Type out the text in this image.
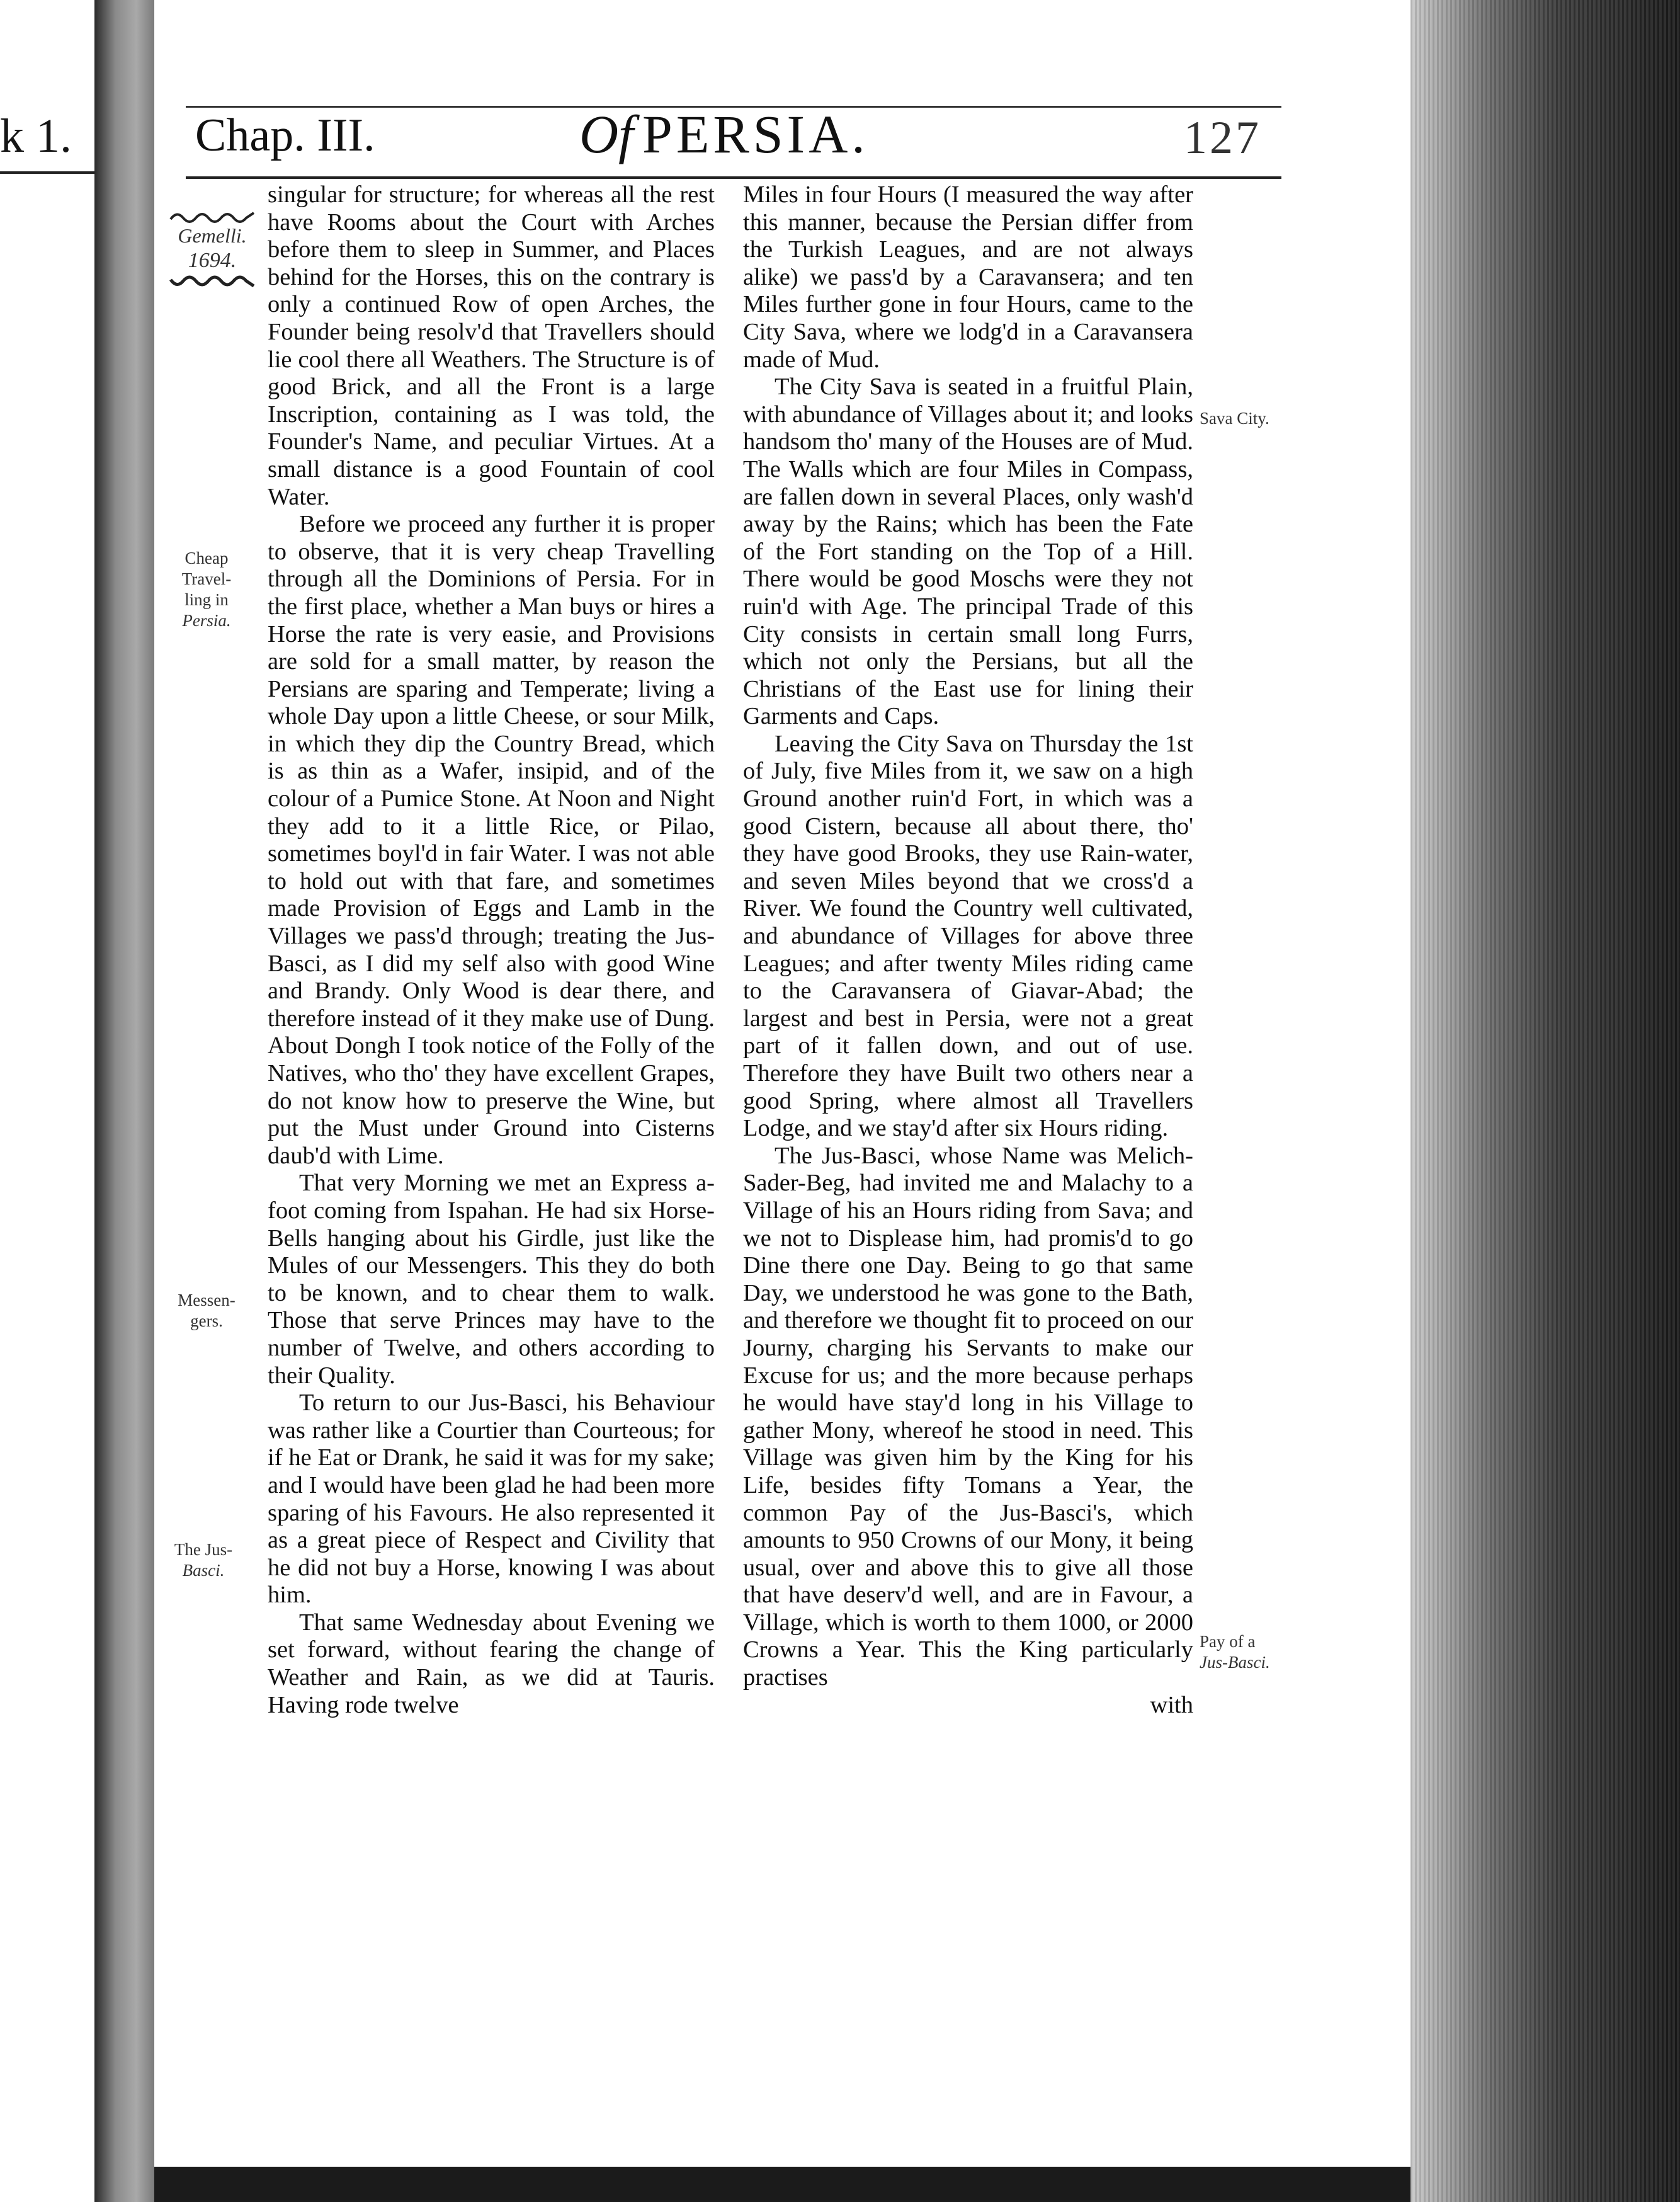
k 1.	Chap. III.	Of PERSIA.	127
Gemelli.
1694.
Cheap
Travel-
ling in
Persia.
Messen-
gers.
The Jus-
Basci.
Sava City.
Pay of a
Jus-Basci.

singular for structure; for whereas all the rest have Rooms about the Court with Arches before them to sleep in Summer, and Places behind for the Horses, this on the contrary is only a continued Row of open Arches, the Founder being resolv'd that Travellers should lie cool there all Weathers. The Structure is of good Brick, and all the Front is a large Inscription, containing as I was told, the Founder's Name, and peculiar Virtues. At a small distance is a good Fountain of cool Water.

Before we proceed any further it is proper to observe, that it is very cheap Travelling through all the Dominions of Persia. For in the first place, whether a Man buys or hires a Horse the rate is very easie, and Provisions are sold for a small matter, by reason the Persians are sparing and Temperate; living a whole Day upon a little Cheese, or sour Milk, in which they dip the Country Bread, which is as thin as a Wafer, insipid, and of the colour of a Pumice Stone. At Noon and Night they add to it a little Rice, or Pilao, sometimes boyl'd in fair Water. I was not able to hold out with that fare, and sometimes made Provision of Eggs and Lamb in the Villages we pass'd through; treating the Jus-Basci, as I did my self also with good Wine and Brandy. Only Wood is dear there, and therefore instead of it they make use of Dung. About Dongh I took notice of the Folly of the Natives, who tho' they have excellent Grapes, do not know how to preserve the Wine, but put the Must under Ground into Cisterns daub'd with Lime.

That very Morning we met an Express a-foot coming from Ispahan. He had six Horse-Bells hanging about his Girdle, just like the Mules of our Messengers. This they do both to be known, and to chear them to walk. Those that serve Princes may have to the number of Twelve, and others according to their Quality.

To return to our Jus-Basci, his Behaviour was rather like a Courtier than Courteous; for if he Eat or Drank, he said it was for my sake; and I would have been glad he had been more sparing of his Favours. He also represented it as a great piece of Respect and Civility that he did not buy a Horse, knowing I was about him.

That same Wednesday about Evening we set forward, without fearing the change of Weather and Rain, as we did at Tauris. Having rode twelve

Miles in four Hours (I measured the way after this manner, because the Persian differ from the Turkish Leagues, and are not always alike) we pass'd by a Caravansera; and ten Miles further gone in four Hours, came to the City Sava, where we lodg'd in a Caravansera made of Mud.

The City Sava is seated in a fruitful Plain, with abundance of Villages about it; and looks handsom tho' many of the Houses are of Mud. The Walls which are four Miles in Compass, are fallen down in several Places, only wash'd away by the Rains; which has been the Fate of the Fort standing on the Top of a Hill. There would be good Moschs were they not ruin'd with Age. The principal Trade of this City consists in certain small long Furrs, which not only the Persians, but all the Christians of the East use for lining their Garments and Caps.

Leaving the City Sava on Thursday the 1st of July, five Miles from it, we saw on a high Ground another ruin'd Fort, in which was a good Cistern, because all about there, tho' they have good Brooks, they use Rain-water, and seven Miles beyond that we cross'd a River. We found the Country well cultivated, and abundance of Villages for above three Leagues; and after twenty Miles riding came to the Caravansera of Giavar-Abad; the largest and best in Persia, were not a great part of it fallen down, and out of use. Therefore they have Built two others near a good Spring, where almost all Travellers Lodge, and we stay'd after six Hours riding.

The Jus-Basci, whose Name was Melich-Sader-Beg, had invited me and Malachy to a Village of his an Hours riding from Sava; and we not to Displease him, had promis'd to go Dine there one Day. Being to go that same Day, we understood he was gone to the Bath, and therefore we thought fit to proceed on our Journy, charging his Servants to make our Excuse for us; and the more because perhaps he would have stay'd long in his Village to gather Mony, whereof he stood in need. This Village was given him by the King for his Life, besides fifty Tomans a Year, the common Pay of the Jus-Basci's, which amounts to 950 Crowns of our Mony, it being usual, over and above this to give all those that have deserv'd well, and are in Favour, a Village, which is worth to them 1000, or 2000 Crowns a Year. This the King particularly practises

with
